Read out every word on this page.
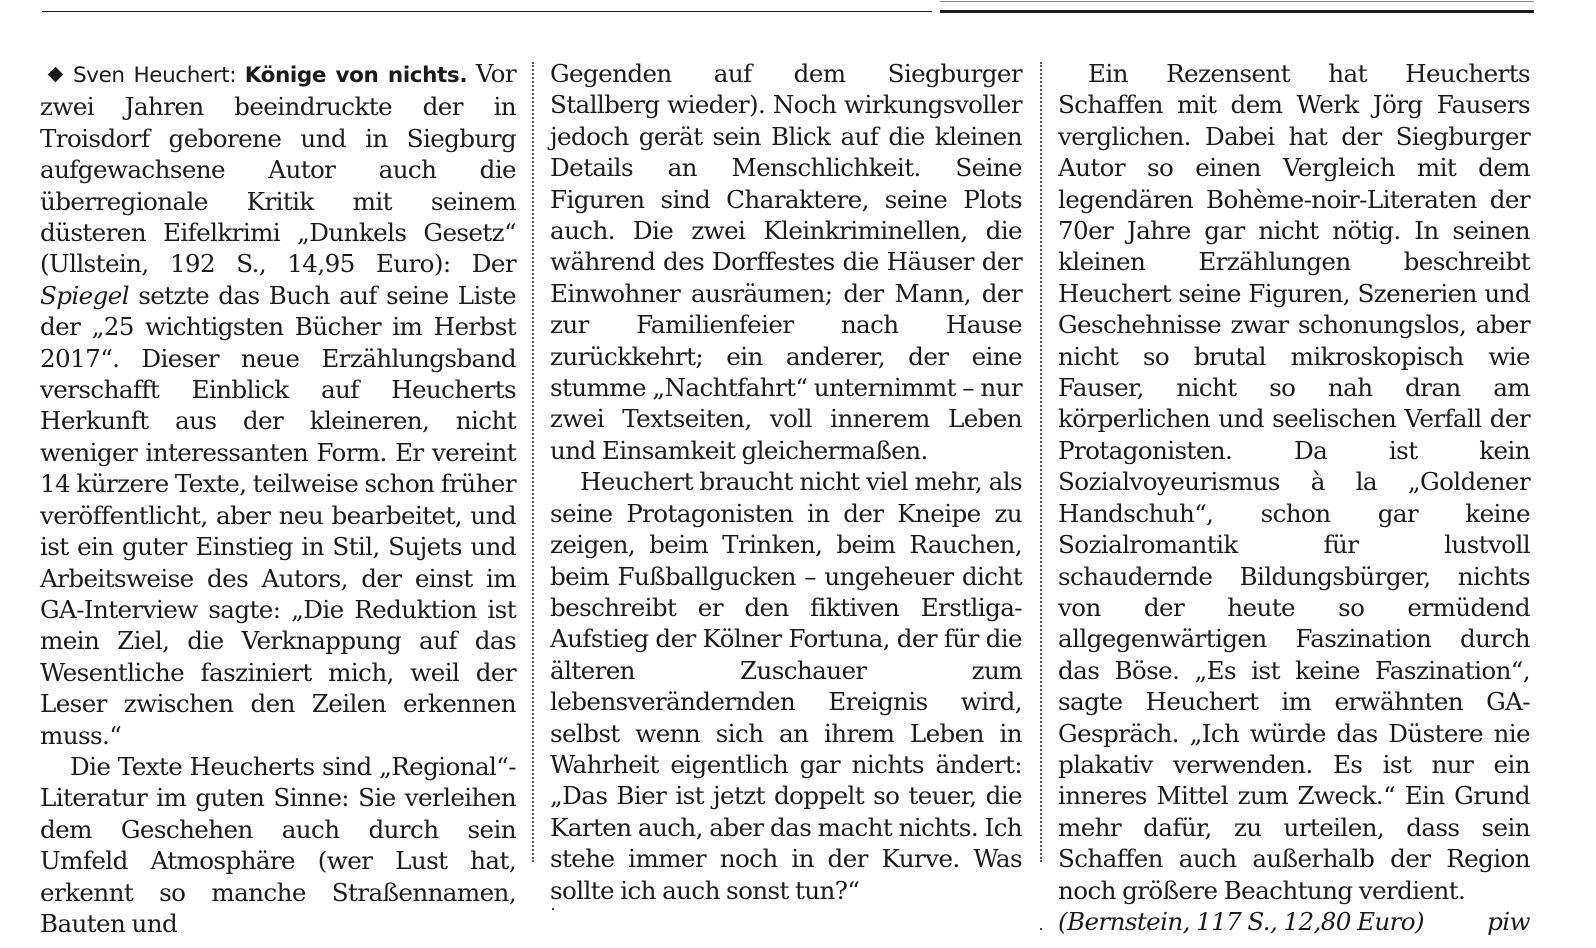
Sven Heuchert: Könige von nichts. Vor zwei Jahren beeindruckte der in Troisdorf geborene und in Siegburg aufgewachsene Autor auch die überregionale Kritik mit seinem düsteren Eifelkrimi „Dunkels Gesetz“ (Ullstein, 192 S., 14,95 Euro): Der Spiegel setzte das Buch auf seine Liste der „25 wichtigsten Bücher im Herbst 2017“. Dieser neue Erzählungsband verschafft Einblick auf Heucherts Herkunft aus der kleineren, nicht weniger interessanten Form. Er vereint 14 kürzere Texte, teilweise schon früher veröffentlicht, aber neu bearbeitet, und ist ein guter Einstieg in Stil, Sujets und Arbeitsweise des Autors, der einst im GA-Interview sagte: „Die Reduktion ist mein Ziel, die Verknappung auf das Wesentliche fasziniert mich, weil der Leser zwischen den Zeilen erkennen muss.“

Die Texte Heucherts sind „Regional“-Literatur im guten Sinne: Sie verleihen dem Geschehen auch durch sein Umfeld Atmosphäre (wer Lust hat, erkennt so manche Straßennamen, Bauten und

Gegenden auf dem Siegburger Stallberg wieder). Noch wirkungsvoller jedoch gerät sein Blick auf die kleinen Details an Menschlichkeit. Seine Figuren sind Charaktere, seine Plots auch. Die zwei Kleinkriminellen, die während des Dorffestes die Häuser der Einwohner ausräumen; der Mann, der zur Familienfeier nach Hause zurückkehrt; ein anderer, der eine stumme „Nachtfahrt“ unternimmt – nur zwei Textseiten, voll innerem Leben und Einsamkeit gleichermaßen.

Heuchert braucht nicht viel mehr, als seine Protagonisten in der Kneipe zu zeigen, beim Trinken, beim Rauchen, beim Fußballgucken – ungeheuer dicht beschreibt er den fiktiven Erstliga-Aufstieg der Kölner Fortuna, der für die älteren Zuschauer zum lebensverändernden Ereignis wird, selbst wenn sich an ihrem Leben in Wahrheit eigentlich gar nichts ändert: „Das Bier ist jetzt doppelt so teuer, die Karten auch, aber das macht nichts. Ich stehe immer noch in der Kurve. Was sollte ich auch sonst tun?“

Ein Rezensent hat Heucherts Schaffen mit dem Werk Jörg Fausers verglichen. Dabei hat der Siegburger Autor so einen Vergleich mit dem legendären Bohème-noir-Literaten der 70er Jahre gar nicht nötig. In seinen kleinen Erzählungen beschreibt Heuchert seine Figuren, Szenerien und Geschehnisse zwar schonungslos, aber nicht so brutal mikroskopisch wie Fauser, nicht so nah dran am körperlichen und seelischen Verfall der Protagonisten. Da ist kein Sozialvoyeurismus à la „Goldener Handschuh“, schon gar keine Sozialromantik für lustvoll schaudernde Bildungsbürger, nichts von der heute so ermüdend allgegenwärtigen Faszination durch das Böse. „Es ist keine Faszination“, sagte Heuchert im erwähnten GA-Gespräch. „Ich würde das Düstere nie plakativ verwenden. Es ist nur ein inneres Mittel zum Zweck.“ Ein Grund mehr dafür, zu urteilen, dass sein Schaffen auch außerhalb der Region noch größere Beachtung verdient.

(Bernstein, 117 S., 12,80 Euro)	piw
